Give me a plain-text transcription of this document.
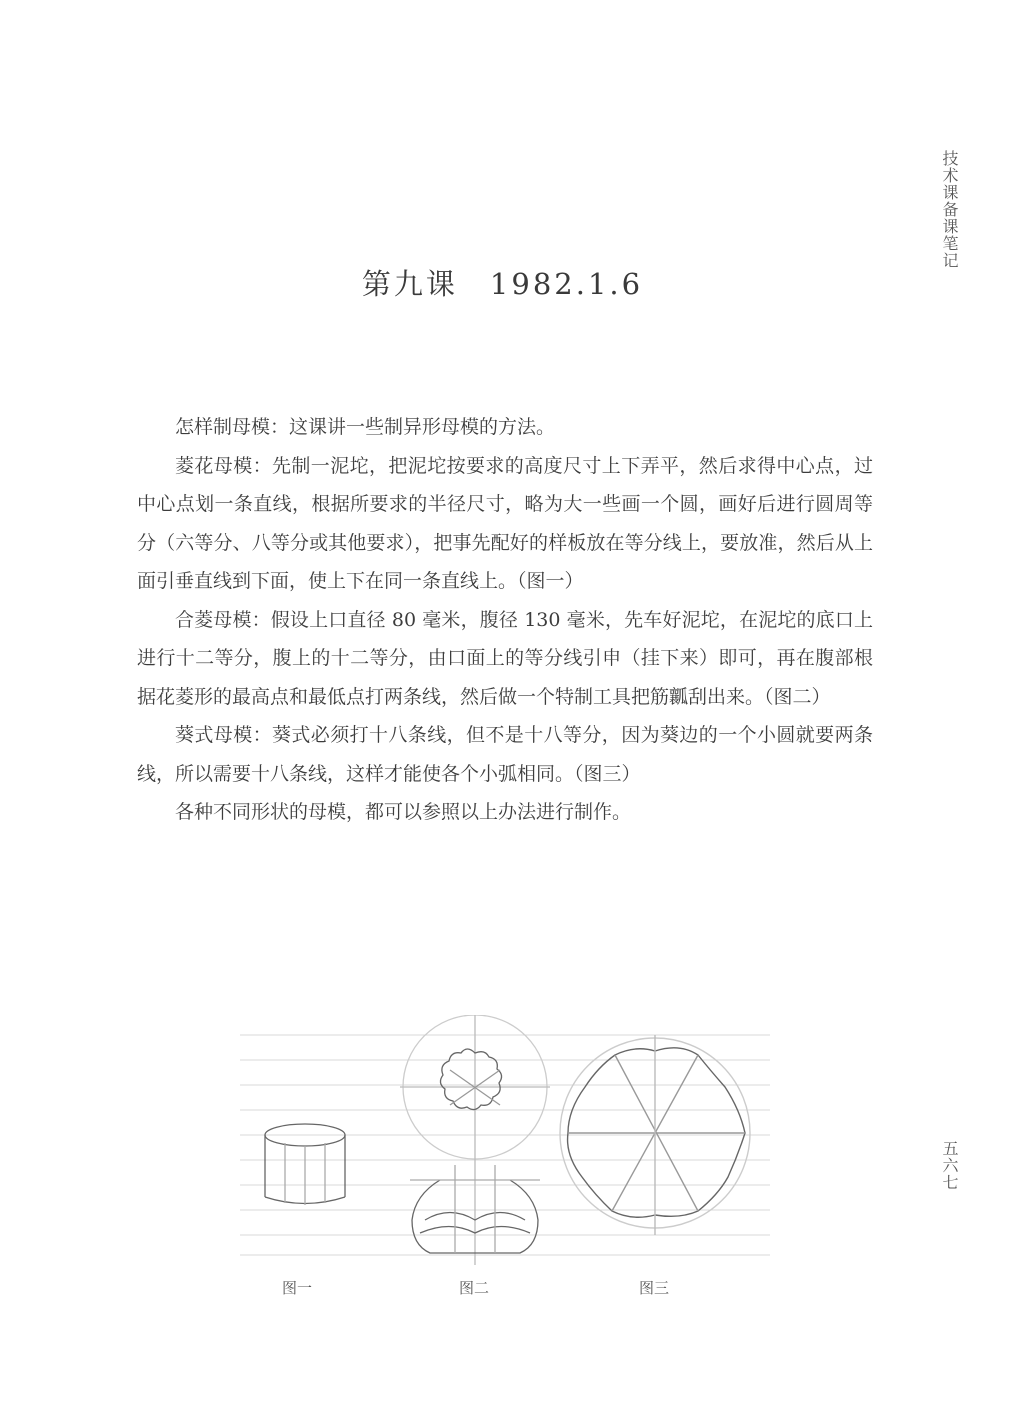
技术课备课笔记
五六七
第九课　1982.1.6

怎样制母模：这课讲一些制异形母模的方法。

菱花母模：先制一泥坨，把泥坨按要求的高度尺寸上下弄平，然后求得中心点，过中心点划一条直线，根据所要求的半径尺寸，略为大一些画一个圆，画好后进行圆周等分（六等分、八等分或其他要求），把事先配好的样板放在等分线上，要放准，然后从上面引垂直线到下面，使上下在同一条直线上。（图一）

合菱母模：假设上口直径 80 毫米，腹径 130 毫米，先车好泥坨，在泥坨的底口上进行十二等分，腹上的十二等分，由口面上的等分线引申（挂下来）即可，再在腹部根据花菱形的最高点和最低点打两条线，然后做一个特制工具把筋瓤刮出来。（图二）

葵式母模：葵式必须打十八条线，但不是十八等分，因为葵边的一个小圆就要两条线，所以需要十八条线，这样才能使各个小弧相同。（图三）

各种不同形状的母模，都可以参照以上办法进行制作。

图一	图二	图三
